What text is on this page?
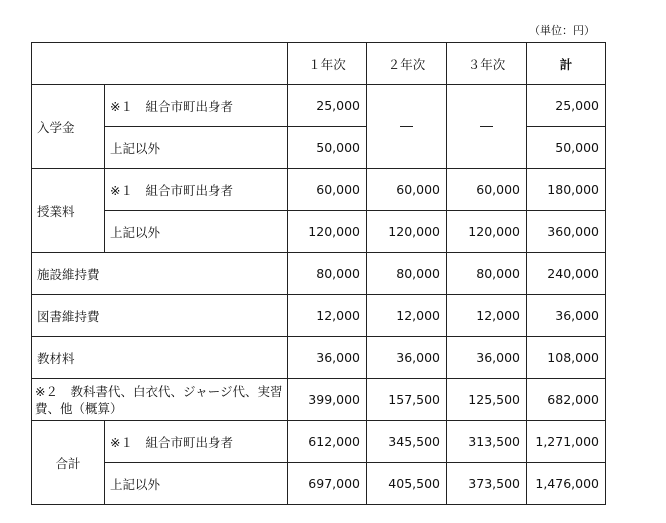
（単位：円）
		１年次	２年次	３年次	計
入学金	※１　組合市町出身者	25,000	―	―	25,000
	上記以外	50,000			50,000
授業料	※１　組合市町出身者	60,000	60,000	60,000	180,000
	上記以外	120,000	120,000	120,000	360,000
施設維持費		80,000	80,000	80,000	240,000
図書維持費		12,000	12,000	12,000	36,000
教材料		36,000	36,000	36,000	108,000
※２　教科書代、白衣代、ジャージ代、実習費、他（概算）		399,000	157,500	125,500	682,000
合計	※１　組合市町出身者	612,000	345,500	313,500	1,271,000
	上記以外	697,000	405,500	373,500	1,476,000
